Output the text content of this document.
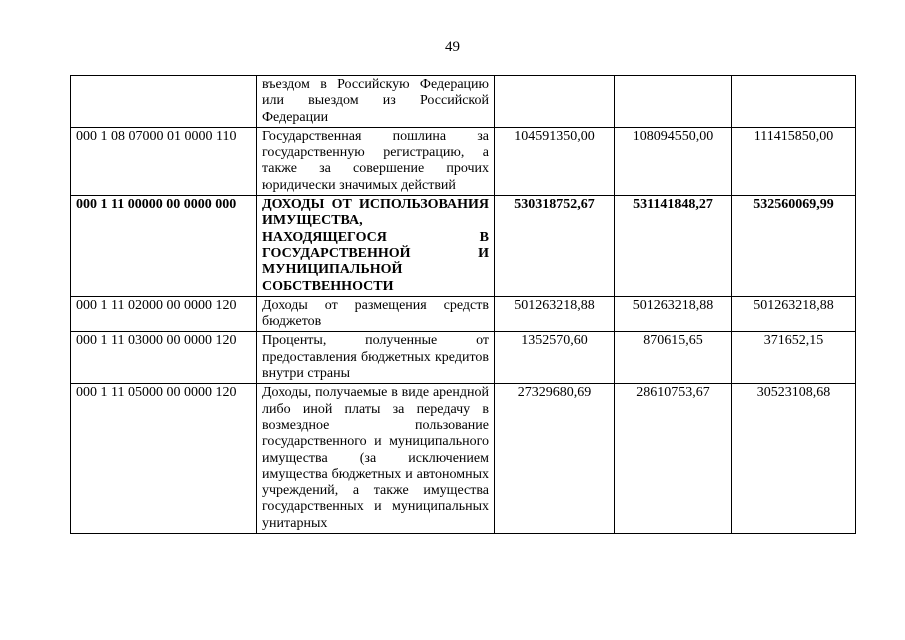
49
	въездом в Российскую Федерацию или выездом из Российской Федерации			
000 1 08 07000 01 0000 110	Государственная пошлина за государственную регистрацию, а также за совершение прочих юридически значимых действий	104591350,00	108094550,00	111415850,00
000 1 11 00000 00 0000 000	ДОХОДЫ ОТ ИСПОЛЬЗОВАНИЯ ИМУЩЕСТВА, НАХОДЯЩЕГОСЯ В ГОСУДАРСТВЕННОЙ И МУНИЦИПАЛЬНОЙ СОБСТВЕННОСТИ	530318752,67	531141848,27	532560069,99
000 1 11 02000 00 0000 120	Доходы от размещения средств бюджетов	501263218,88	501263218,88	501263218,88
000 1 11 03000 00 0000 120	Проценты, полученные от предоставления бюджетных кредитов внутри страны	1352570,60	870615,65	371652,15
000 1 11 05000 00 0000 120	Доходы, получаемые в виде арендной либо иной платы за передачу в возмездное пользование государственного и муниципального имущества (за исключением имущества бюджетных и автономных учреждений, а также имущества государственных и муниципальных унитарных	27329680,69	28610753,67	30523108,68
